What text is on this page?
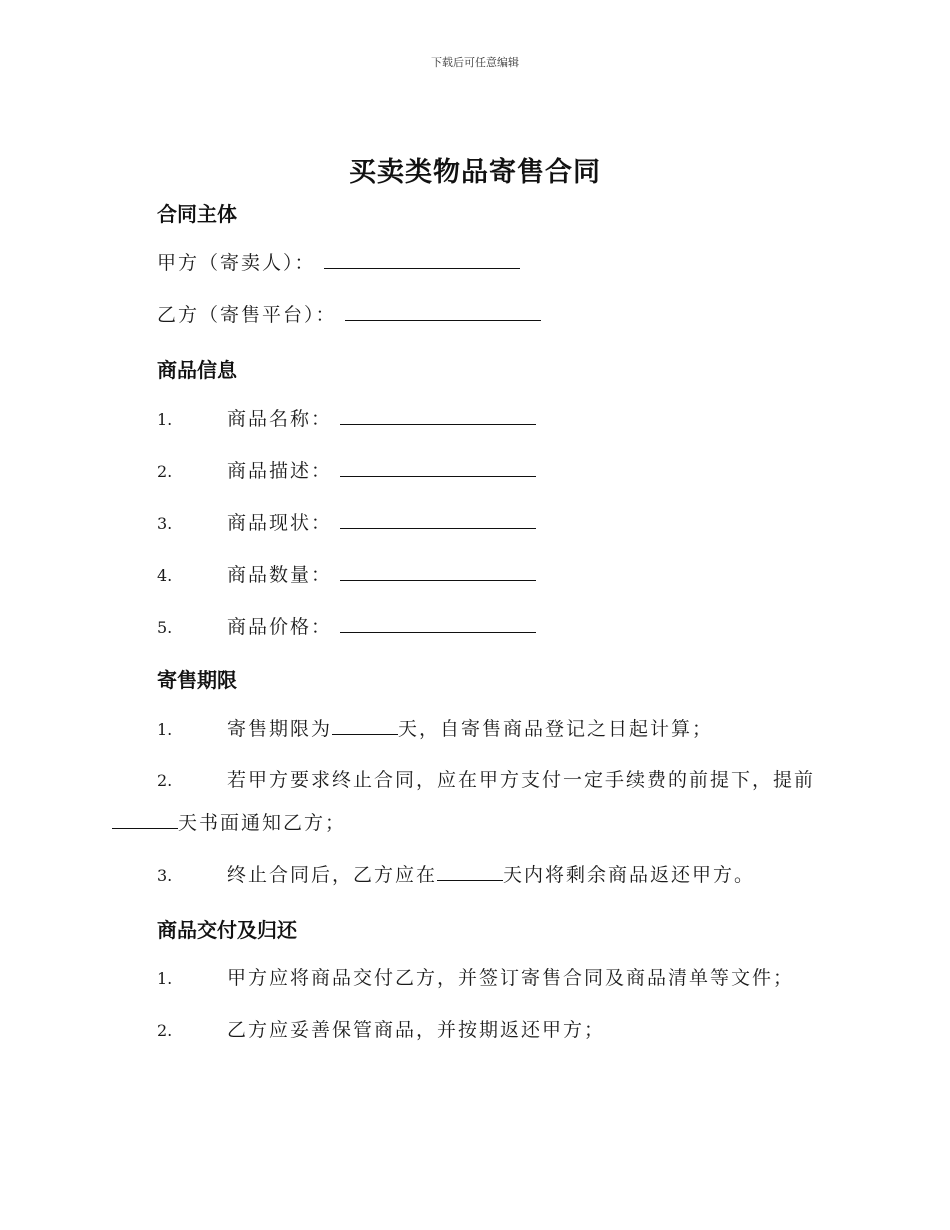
下载后可任意编辑
买卖类物品寄售合同
合同主体
甲方（寄卖人）：
乙方（寄售平台）：
商品信息
1.	商品名称：
2.	商品描述：
3.	商品现状：
4.	商品数量：
5.	商品价格：
寄售期限
1.	寄售期限为	天，自寄售商品登记之日起计算；
2.	若甲方要求终止合同，应在甲方支付一定手续费的前提下，提前
天书面通知乙方；
3.	终止合同后，乙方应在	天内将剩余商品返还甲方。
商品交付及归还
1.	甲方应将商品交付乙方，并签订寄售合同及商品清单等文件；
2.	乙方应妥善保管商品，并按期返还甲方；
